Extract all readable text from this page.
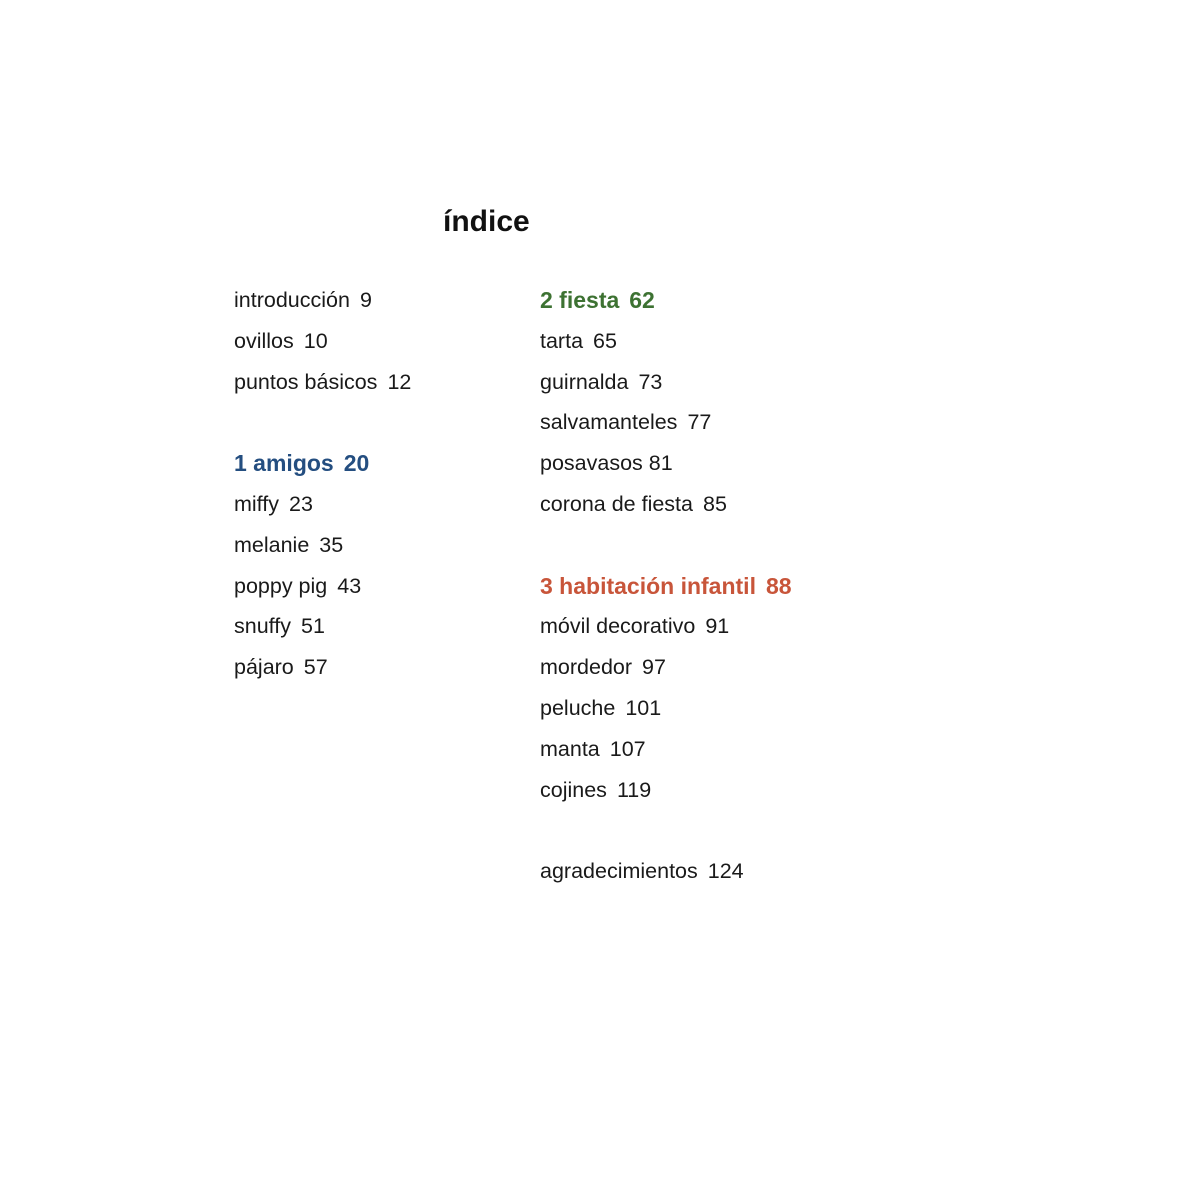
índice
introducción 9
ovillos 10
puntos básicos 12
1 amigos 20
miffy 23
melanie 35
poppy pig 43
snuffy 51
pájaro 57
2 fiesta 62
tarta 65
guirnalda 73
salvamanteles 77
posavasos 81
corona de fiesta 85
3 habitación infantil 88
móvil decorativo 91
mordedor 97
peluche 101
manta 107
cojines 119
agradecimientos 124
